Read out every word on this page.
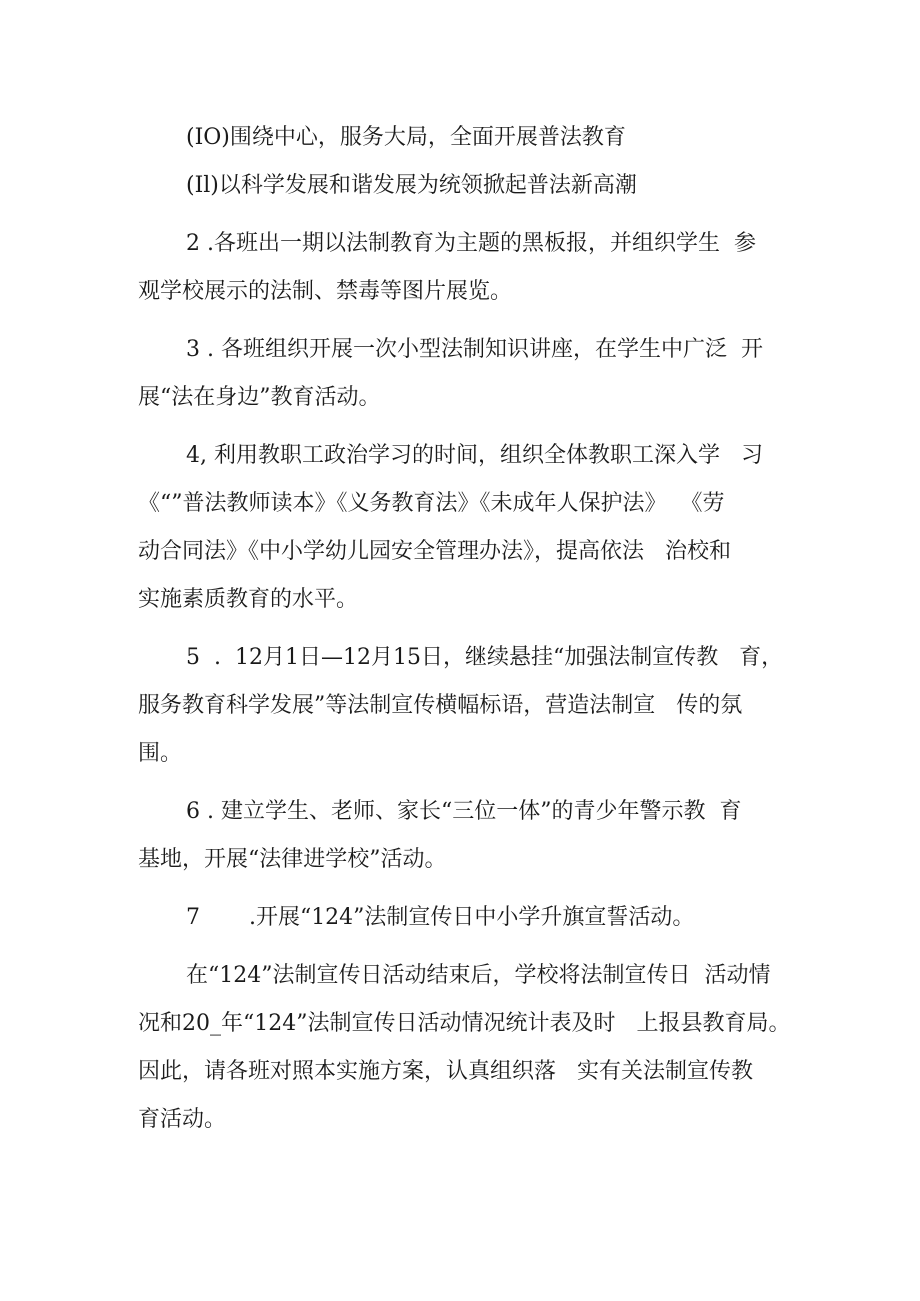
(IO)围绕中心，服务大局，全面开展普法教育
(Il)以科学发展和谐发展为统领掀起普法新高潮
2 .各班出一期以法制教育为主题的黑板报，并组织学生  参
观学校展示的法制、禁毒等图片展览。
3 . 各班组织开展一次小型法制知识讲座，在学生中广泛  开
展“法在身边”教育活动。
4, 利用教职工政治学习的时间，组织全体教职工深入学   习
《“”普法教师读本》《义务教育法》《未成年人保护法》  《劳
动合同法》《中小学幼儿园安全管理办法》，提高依法   治校和
实施素质教育的水平。
5  .  12月1日—12月15日，继续悬挂“加强法制宣传教   育，
服务教育科学发展”等法制宣传横幅标语，营造法制宣   传的氛
围。
6 . 建立学生、老师、家长“三位一体”的青少年警示教  育
基地，开展“法律进学校”活动。
7       .开展“124”法制宣传日中小学升旗宣誓活动。
在“124”法制宣传日活动结束后，学校将法制宣传日  活动情
况和20_年“124”法制宣传日活动情况统计表及时   上报县教育局。
因此，请各班对照本实施方案，认真组织落   实有关法制宣传教
育活动。
